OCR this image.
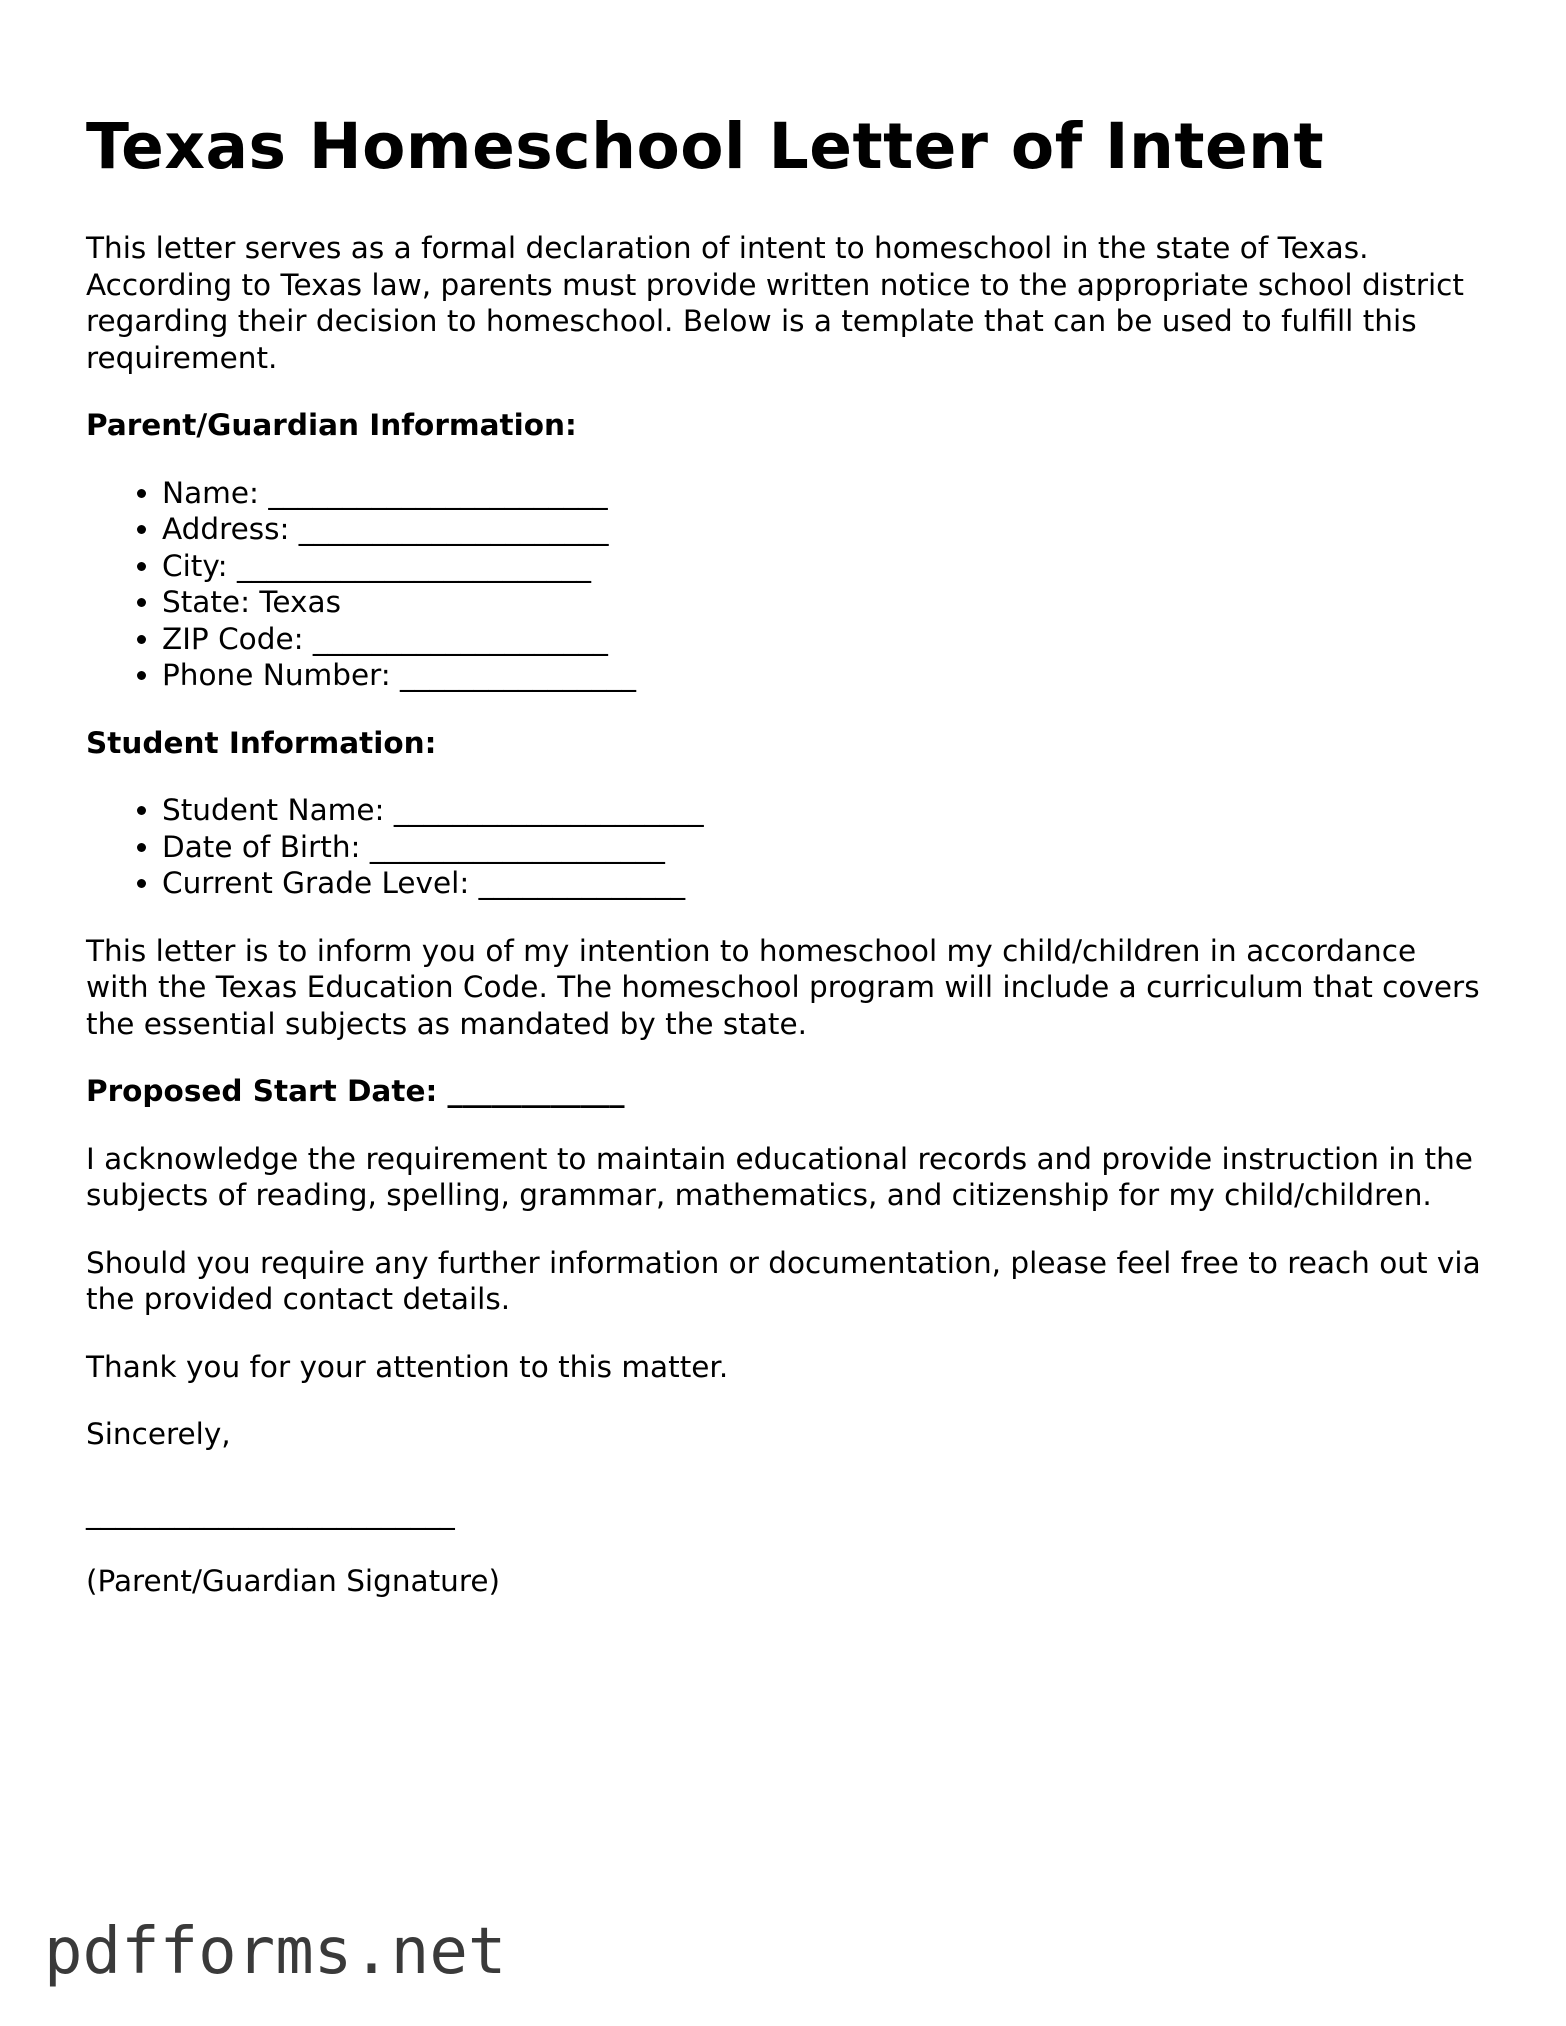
Texas Homeschool Letter of Intent

This letter serves as a formal declaration of intent to homeschool in the state of Texas. According to Texas law, parents must provide written notice to the appropriate school district regarding their decision to homeschool. Below is a template that can be used to fulfill this requirement.

Parent/Guardian Information:

• Name: _______________________
• Address: _____________________
• City: ________________________
• State: Texas
• ZIP Code: ____________________
• Phone Number: ________________

Student Information:

• Student Name: _____________________
• Date of Birth: ____________________
• Current Grade Level: ______________

This letter is to inform you of my intention to homeschool my child/children in accordance with the Texas Education Code. The homeschool program will include a curriculum that covers the essential subjects as mandated by the state.

Proposed Start Date: ____________

I acknowledge the requirement to maintain educational records and provide instruction in the subjects of reading, spelling, grammar, mathematics, and citizenship for my child/children.

Should you require any further information or documentation, please feel free to reach out via the provided contact details.

Thank you for your attention to this matter.

Sincerely,

_________________________

(Parent/Guardian Signature)

pdfforms.net
